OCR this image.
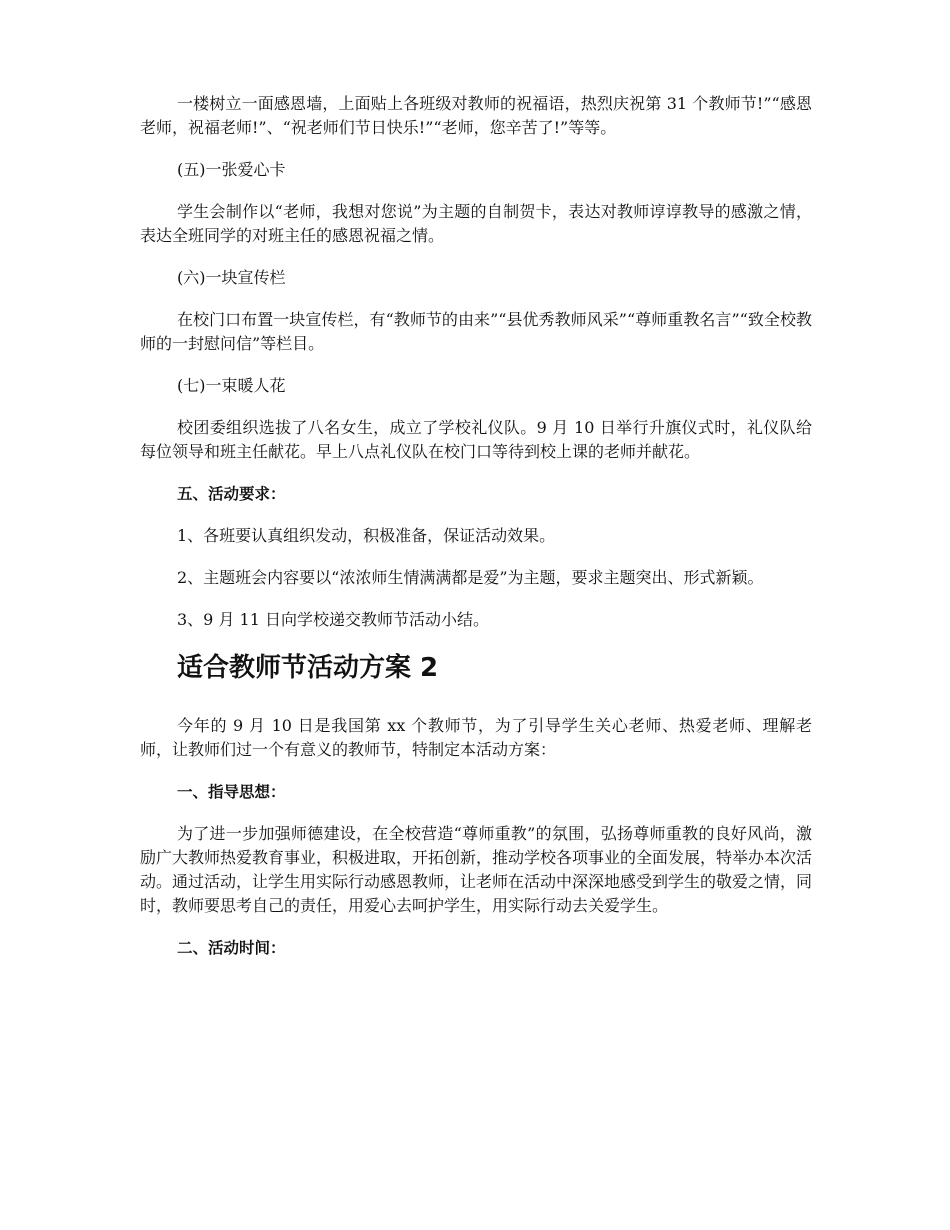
一楼树立一面感恩墙，上面贴上各班级对教师的祝福语，热烈庆祝第 31 个教师节!”“感恩老师，祝福老师!”、“祝老师们节日快乐!”“老师，您辛苦了!”等等。

(五)一张爱心卡

学生会制作以“老师，我想对您说”为主题的自制贺卡，表达对教师谆谆教导的感激之情，表达全班同学的对班主任的感恩祝福之情。

(六)一块宣传栏

在校门口布置一块宣传栏，有“教师节的由来”“县优秀教师风采”“尊师重教名言”“致全校教师的一封慰问信”等栏目。

(七)一束暖人花

校团委组织选拔了八名女生，成立了学校礼仪队。9 月 10 日举行升旗仪式时，礼仪队给每位领导和班主任献花。早上八点礼仪队在校门口等待到校上课的老师并献花。

五、活动要求：

1、各班要认真组织发动，积极准备，保证活动效果。

2、主题班会内容要以“浓浓师生情满满都是爱”为主题，要求主题突出、形式新颖。

3、9 月 11 日向学校递交教师节活动小结。

适合教师节活动方案 2

今年的 9 月 10 日是我国第 xx 个教师节，为了引导学生关心老师、热爱老师、理解老师，让教师们过一个有意义的教师节，特制定本活动方案：

一、指导思想：

为了进一步加强师德建设，在全校营造“尊师重教”的氛围，弘扬尊师重教的良好风尚，激励广大教师热爱教育事业，积极进取，开拓创新，推动学校各项事业的全面发展，特举办本次活动。通过活动，让学生用实际行动感恩教师，让老师在活动中深深地感受到学生的敬爱之情，同时，教师要思考自己的责任，用爱心去呵护学生，用实际行动去关爱学生。

二、活动时间：
